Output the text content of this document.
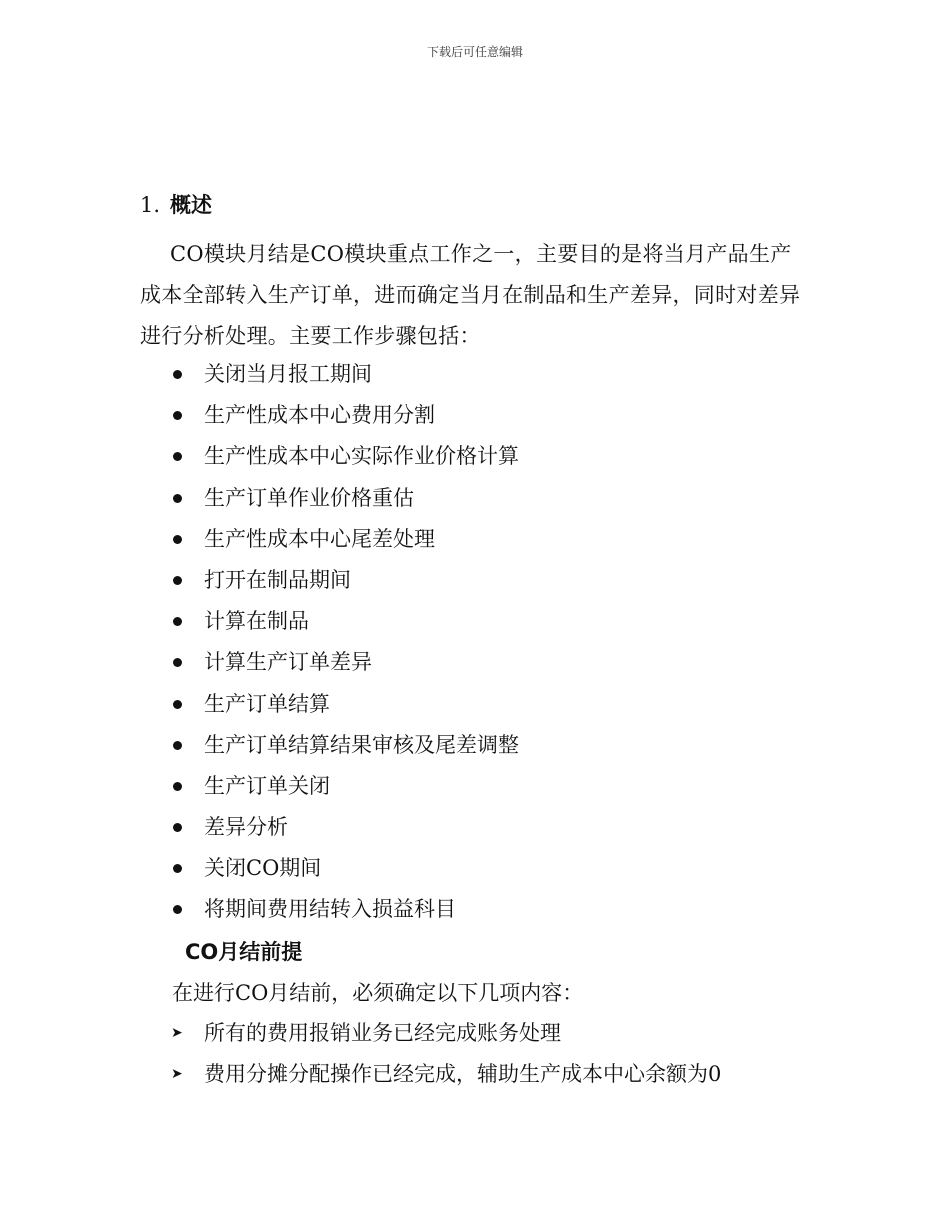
下载后可任意编辑
1. 概述

CO模块月结是CO模块重点工作之一，主要目的是将当月产品生产成本全部转入生产订单，进而确定当月在制品和生产差异，同时对差异进行分析处理。主要工作步骤包括：

关闭当月报工期间
生产性成本中心费用分割
生产性成本中心实际作业价格计算
生产订单作业价格重估
生产性成本中心尾差处理
打开在制品期间
计算在制品
计算生产订单差异
生产订单结算
生产订单结算结果审核及尾差调整
生产订单关闭
差异分析
关闭CO期间
将期间费用结转入损益科目
CO月结前提
在进行CO月结前，必须确定以下几项内容：
➤ 所有的费用报销业务已经完成账务处理
➤ 费用分摊分配操作已经完成，辅助生产成本中心余额为0
